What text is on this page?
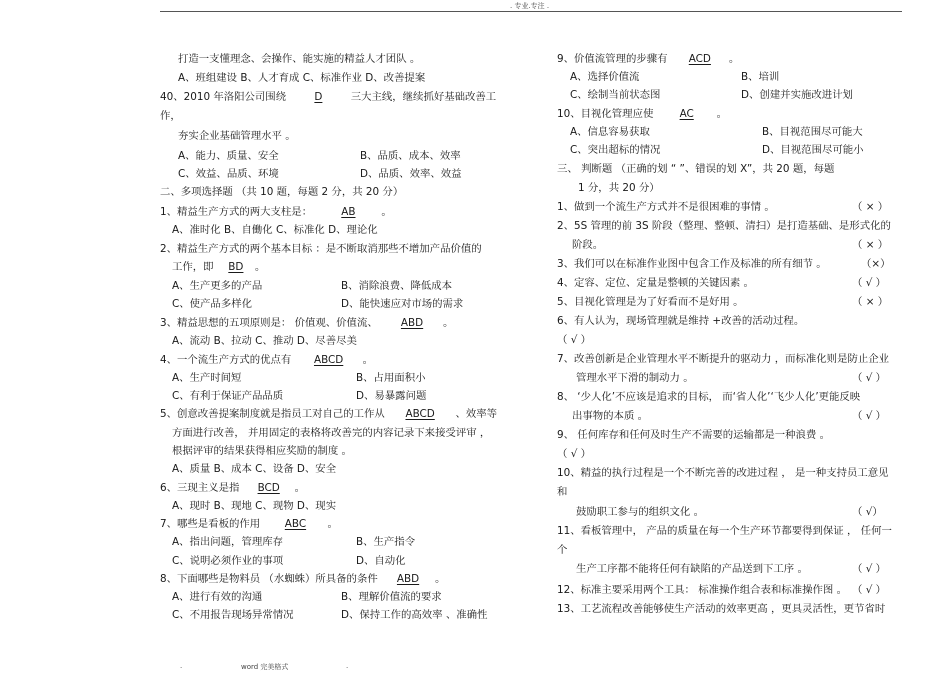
. 专业.专注 .
打造一支懂理念、会操作、能实施的精益人才团队 。
A、班组建设 B、人才育成 C、标准作业 D、改善提案
40、2010 年洛阳公司围绕	D	三大主线，继续抓好基础改善工
作，
夯实企业基础管理水平 。
A、能力、质量、安全	B、品质、成本、效率
C、效益、品质、环境	D、品质、效率、效益
二、多项选择题 （共 10 题，每题 2 分，共 20 分）
1、精益生产方式的两大支柱是：	AB 。
A、准时化 B、自働化 C、标准化 D、理论化
2、精益生产方式的两个基本目标 ：是不断取消那些不增加产品价值的
工作，即 BD 。
A、生产更多的产品	B、消除浪费、降低成本
C、使产品多样化	D、能快速应对市场的需求
3、精益思想的五项原则是： 价值观、价值流、 ABD 。
A、流动 B、拉动 C、推动 D、尽善尽美
4、一个流生产方式的优点有 ABCD 。
A、生产时间短	B、占用面积小
C、有利于保证产品品质	D、易暴露问题
5、创意改善提案制度就是指员工对自己的工作从 ABCD 、效率等
方面进行改善， 并用固定的表格将改善完的内容记录下来接受评审 ，
根据评审的结果获得相应奖励的制度 。
A、质量 B、成本 C、设备 D、安全
6、三现主义是指 BCD 。
A、现时 B、现地 C、现物 D、现实
7、哪些是看板的作用 ABC 。
A、指出问题，管理库存	B、生产指令
C、说明必须作业的事项	D、自动化
8、下面哪些是物料员 （水蜘蛛）所具备的条件 ABD 。
A、进行有效的沟通	B、理解价值流的要求
C、不用报告现场异常情况	D、保持工作的高效率 、准确性
9、价值流管理的步骤有 ACD 。
A、选择价值流	B、培训
C、绘制当前状态图	D、创建并实施改进计划
10、目视化管理应使	AC 。
A、信息容易获取	B、目视范围尽可能大
C、突出超标的情况	D、目视范围尽可能小
三、 判断题 （正确的划 “ ”、错误的划 X”，共 20 题，每题
1 分，共 20 分）
1、做到一个流生产方式并不是很困难的事情 。	（ × ）
2、5S 管理的前 3S 阶段（整理、整顿、清扫）是打造基础、是形式化的
阶段。	（ × ）
3、我们可以在标准作业图中包含工作及标准的所有细节 。	（×）
4、定容、定位、定量是整顿的关键因素 。	（ √ ）
5、目视化管理是为了好看而不是好用 。	（ × ）
6、有人认为，现场管理就是维持 +改善的活动过程。
（ √ ）
7、改善创新是企业管理水平不断提升的驱动力 ，而标准化则是防止企业
管理水平下滑的制动力 。	（ √ ）
8、 ‘少人化’不应该是追求的目标， 而‘省人化’‘飞少人化’更能反映
出事物的本质 。	（ √ ）
9、 任何库存和任何及时生产不需要的运输都是一种浪费 。
（ √ ）
10、精益的执行过程是一个不断完善的改进过程 ， 是一种支持员工意见
和
鼓励职工参与的组织文化 。	（ √）
11、看板管理中， 产品的质量在每一个生产环节都要得到保证 ， 任何一
个
生产工序都不能将任何有缺陷的产品送到下工序 。	（ √ ）
12、标准主要采用两个工具： 标准操作组合表和标准操作图 。 （ √ ）
13、工艺流程改善能够使生产活动的效率更高 ，更具灵活性，更节省时
.	word 完美格式	.
